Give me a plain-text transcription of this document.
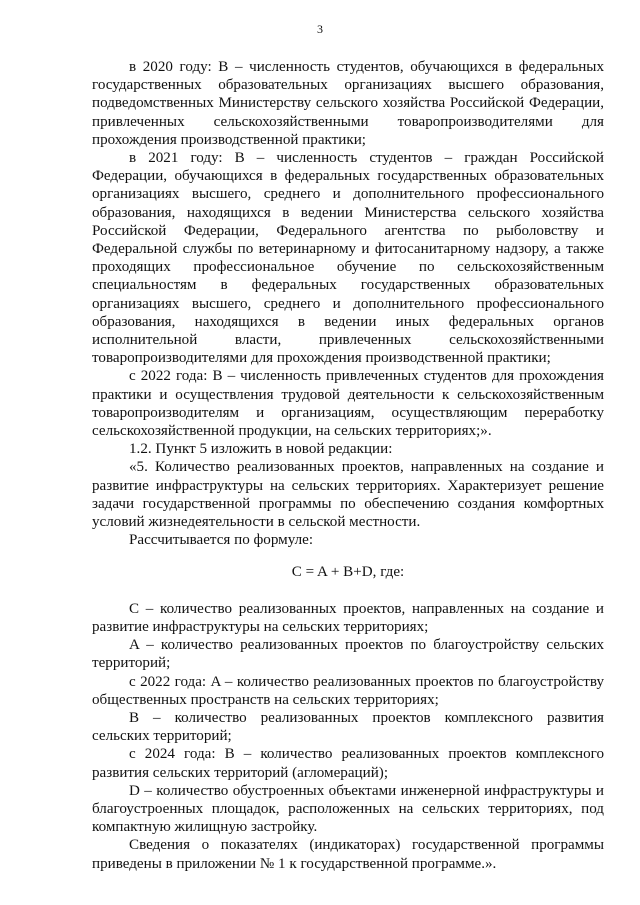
3

в 2020 году: B – численность студентов, обучающихся в федеральных государственных образовательных организациях высшего образования, подведомственных Министерству сельского хозяйства Российской Федерации, привлеченных сельскохозяйственными товаропроизводителями для прохождения производственной практики;

в 2021 году: B – численность студентов – граждан Российской Федерации, обучающихся в федеральных государственных образовательных организациях высшего, среднего и дополнительного профессионального образования, находящихся в ведении Министерства сельского хозяйства Российской Федерации, Федерального агентства по рыболовству и Федеральной службы по ветеринарному и фитосанитарному надзору, а также проходящих профессиональное обучение по сельскохозяйственным специальностям в федеральных государственных образовательных организациях высшего, среднего и дополнительного профессионального образования, находящихся в ведении иных федеральных органов исполнительной власти, привлеченных сельскохозяйственными товаропроизводителями для прохождения производственной практики;

с 2022 года: B – численность привлеченных студентов для прохождения практики и осуществления трудовой деятельности к сельскохозяйственным товаропроизводителям и организациям, осуществляющим переработку сельскохозяйственной продукции, на сельских территориях;».

1.2. Пункт 5 изложить в новой редакции:

«5. Количество реализованных проектов, направленных на создание и развитие инфраструктуры на сельских территориях. Характеризует решение задачи государственной программы по обеспечению создания комфортных условий жизнедеятельности в сельской местности.

Рассчитывается по формуле:

C = A + B+D, где:

C – количество реализованных проектов, направленных на создание и развитие инфраструктуры на сельских территориях;

A – количество реализованных проектов по благоустройству сельских территорий;

с 2022 года: A – количество реализованных проектов по благоустройству общественных пространств на сельских территориях;

B – количество реализованных проектов комплексного развития сельских территорий;

с 2024 года: B – количество реализованных проектов комплексного развития сельских территорий (агломераций);

D – количество обустроенных объектами инженерной инфраструктуры и благоустроенных площадок, расположенных на сельских территориях, под компактную жилищную застройку.

Сведения о показателях (индикаторах) государственной программы приведены в приложении № 1 к государственной программе.».
